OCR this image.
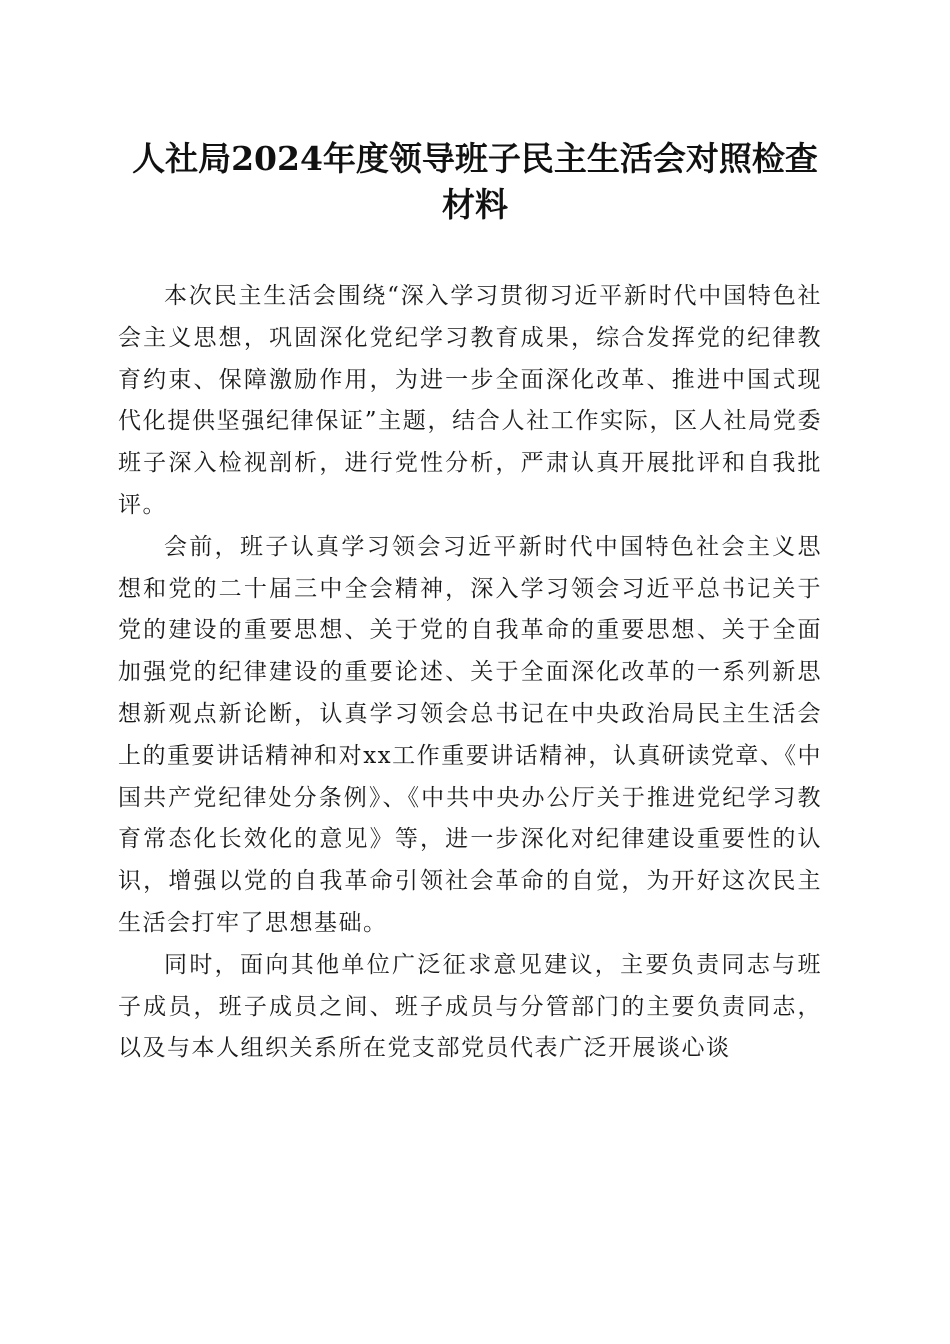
人社局2024年度领导班子民主生活会对照检查材料

本次民主生活会围绕“深入学习贯彻习近平新时代中国特色社会主义思想，巩固深化党纪学习教育成果，综合发挥党的纪律教育约束、保障激励作用，为进一步全面深化改革、推进中国式现代化提供坚强纪律保证”主题，结合人社工作实际，区人社局党委班子深入检视剖析，进行党性分析，严肃认真开展批评和自我批评。

会前，班子认真学习领会习近平新时代中国特色社会主义思想和党的二十届三中全会精神，深入学习领会习近平总书记关于党的建设的重要思想、关于党的自我革命的重要思想、关于全面加强党的纪律建设的重要论述、关于全面深化改革的一系列新思想新观点新论断，认真学习领会总书记在中央政治局民主生活会上的重要讲话精神和对xx工作重要讲话精神，认真研读党章、《中国共产党纪律处分条例》、《中共中央办公厅关于推进党纪学习教育常态化长效化的意见》等，进一步深化对纪律建设重要性的认识，增强以党的自我革命引领社会革命的自觉，为开好这次民主生活会打牢了思想基础。

同时，面向其他单位广泛征求意见建议，主要负责同志与班子成员，班子成员之间、班子成员与分管部门的主要负责同志，以及与本人组织关系所在党支部党员代表广泛开展谈心谈
